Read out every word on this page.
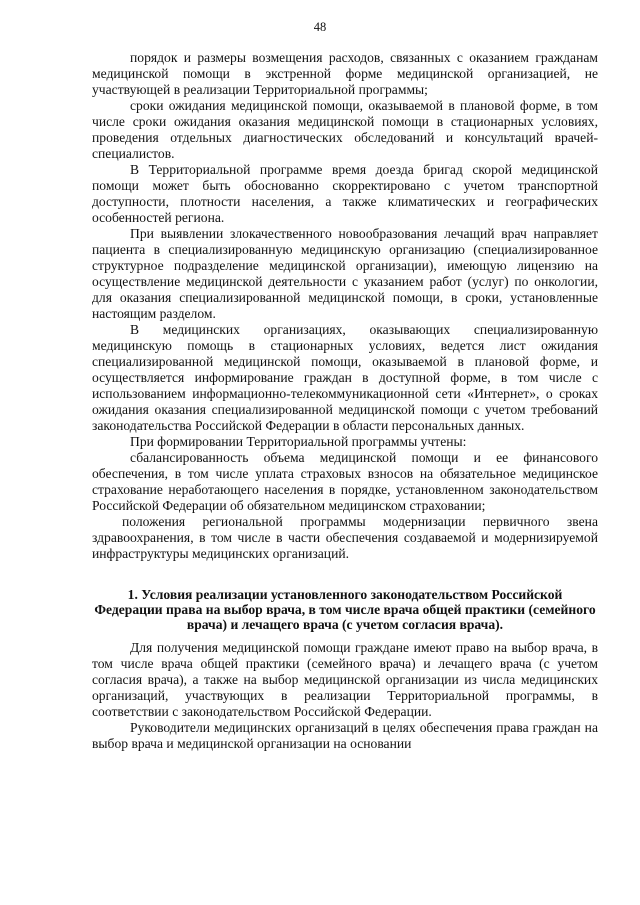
48

порядок и размеры возмещения расходов, связанных с оказанием гражданам медицинской помощи в экстренной форме медицинской организацией, не участвующей в реализации Территориальной программы;

сроки ожидания медицинской помощи, оказываемой в плановой форме, в том числе сроки ожидания оказания медицинской помощи в стационарных условиях, проведения отдельных диагностических обследований и консультаций врачей-специалистов.

В Территориальной программе время доезда бригад скорой медицинской помощи может быть обоснованно скорректировано с учетом транспортной доступности, плотности населения, а также климатических и географических особенностей региона.

При выявлении злокачественного новообразования лечащий врач направляет пациента в специализированную медицинскую организацию (специализированное структурное подразделение медицинской организации), имеющую лицензию на осуществление медицинской деятельности с указанием работ (услуг) по онкологии, для оказания специализированной медицинской помощи, в сроки, установленные настоящим разделом.

В медицинских организациях, оказывающих специализированную медицинскую помощь в стационарных условиях, ведется лист ожидания специализированной медицинской помощи, оказываемой в плановой форме, и осуществляется информирование граждан в доступной форме, в том числе с использованием информационно-телекоммуникационной сети «Интернет», о сроках ожидания оказания специализированной медицинской помощи с учетом требований законодательства Российской Федерации в области персональных данных.

При формировании Территориальной программы учтены:

сбалансированность объема медицинской помощи и ее финансового обеспечения, в том числе уплата страховых взносов на обязательное медицинское страхование неработающего населения в порядке, установленном законодательством Российской Федерации об обязательном медицинском страховании;

положения региональной программы модернизации первичного звена здравоохранения, в том числе в части обеспечения создаваемой и модернизируемой инфраструктуры медицинских организаций.

1. Условия реализации установленного законодательством Российской Федерации права на выбор врача, в том числе врача общей практики (семейного врача) и лечащего врача (с учетом согласия врача).

Для получения медицинской помощи граждане имеют право на выбор врача, в том числе врача общей практики (семейного врача) и лечащего врача (с учетом согласия врача), а также на выбор медицинской организации из числа медицинских организаций, участвующих в реализации Территориальной программы, в соответствии с законодательством Российской Федерации.

Руководители медицинских организаций в целях обеспечения права граждан на выбор врача и медицинской организации на основании
